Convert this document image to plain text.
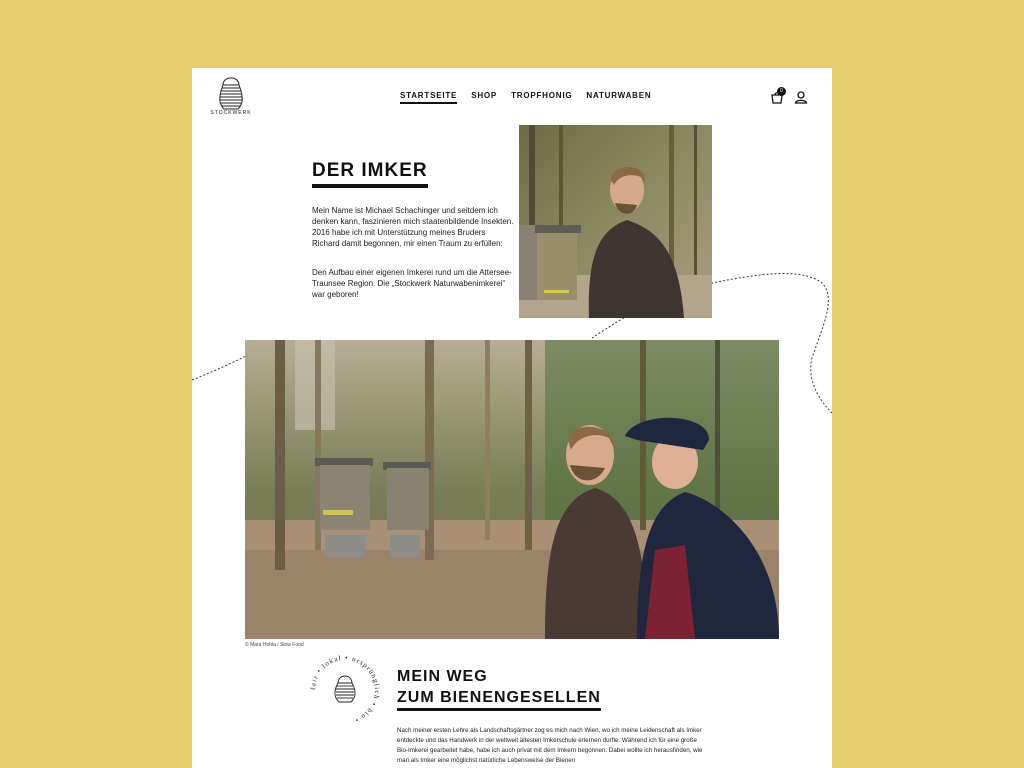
STOCKWERK
STARTSEITE SHOP TROPFHONIG NATURWABEN	0
DER IMKER

Mein Name ist Michael Schachinger und seitdem ich denken kann, faszinieren mich staatenbildende Insekten. 2016 habe ich mit Unterstützung meines Bruders Richard damit begonnen, mir einen Traum zu erfüllen:

Den Aufbau einer eigenen Imkerei rund um die Attersee-Traunsee Region. Die „Stockwerk Naturwabenimkerei“ war geboren!

© Mara Hohla / Slow Food
fair • lokal • ursprünglich • bio •
MEIN WEG
ZUM BIENENGESELLEN

Nach meiner ersten Lehre als Landschaftsgärtner zog es mich nach Wien, wo ich meine Leidenschaft als Imker entdeckte und das Handwerk in der weltweit ältesten Imkerschule erlernen durfte. Während ich für eine große Bio-Imkerei gearbeitet habe, habe ich auch privat mit dem Imkern begonnen: Dabei wollte ich herausfinden, wie man als Imker eine möglichst natürliche Lebensweise der Bienen
